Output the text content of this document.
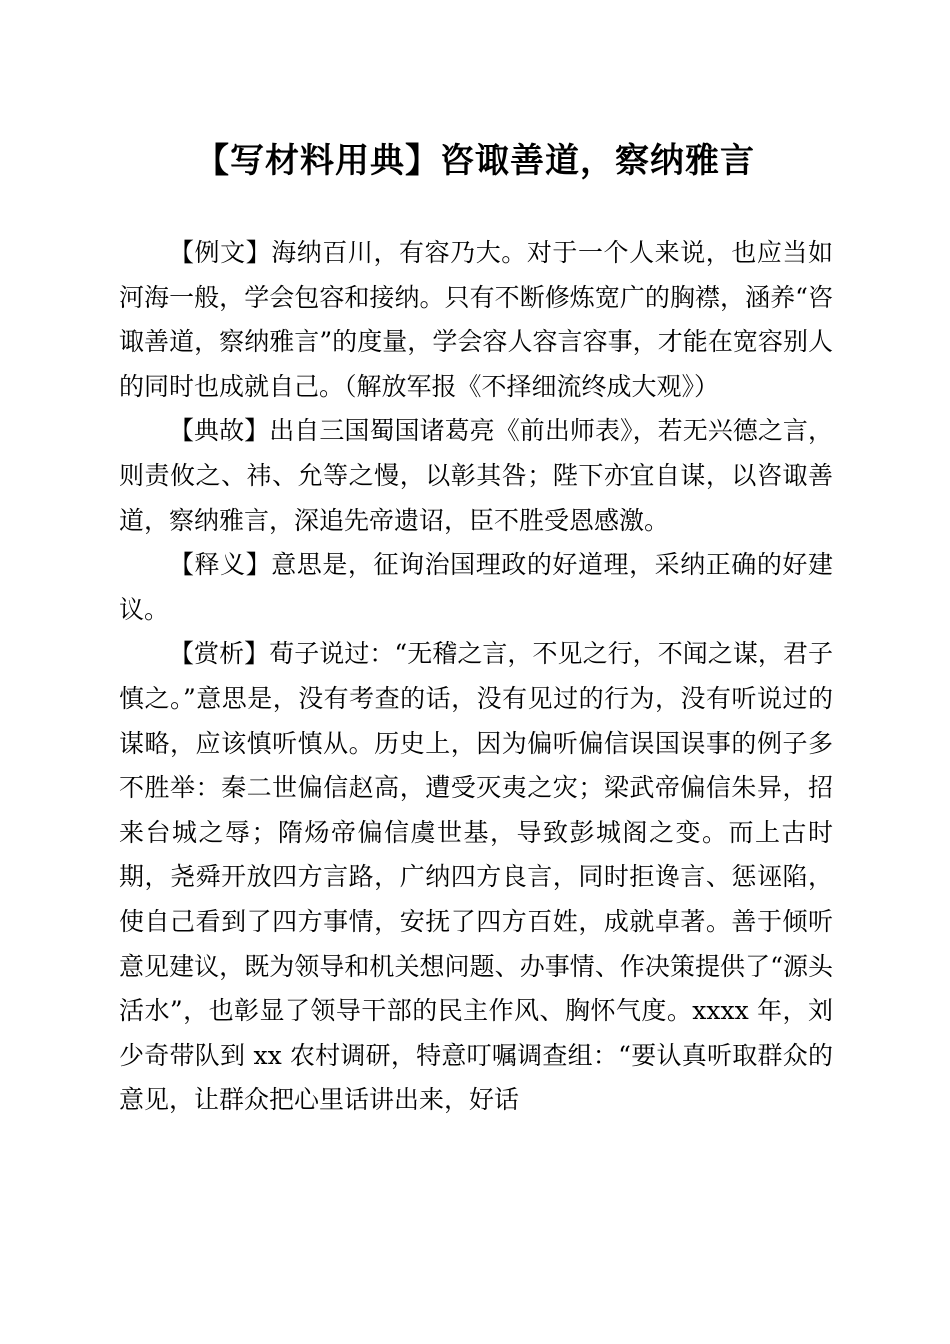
【写材料用典】咨诹善道，察纳雅言

【例文】海纳百川，有容乃大。对于一个人来说，也应当如河海一般，学会包容和接纳。只有不断修炼宽广的胸襟，涵养“咨诹善道，察纳雅言”的度量，学会容人容言容事，才能在宽容别人的同时也成就自己。（解放军报《不择细流终成大观》）

【典故】出自三国蜀国诸葛亮《前出师表》，若无兴德之言，则责攸之、祎、允等之慢，以彰其咎；陛下亦宜自谋，以咨诹善道，察纳雅言，深追先帝遗诏，臣不胜受恩感激。

【释义】意思是，征询治国理政的好道理，采纳正确的好建议。

【赏析】荀子说过：“无稽之言，不见之行，不闻之谋，君子慎之。”意思是，没有考查的话，没有见过的行为，没有听说过的谋略，应该慎听慎从。历史上，因为偏听偏信误国误事的例子多不胜举：秦二世偏信赵高，遭受灭夷之灾；梁武帝偏信朱异，招来台城之辱；隋炀帝偏信虞世基，导致彭城阁之变。而上古时期，尧舜开放四方言路，广纳四方良言，同时拒谗言、惩诬陷，使自己看到了四方事情，安抚了四方百姓，成就卓著。善于倾听意见建议，既为领导和机关想问题、办事情、作决策提供了“源头活水”，也彰显了领导干部的民主作风、胸怀气度。xxxx 年，刘少奇带队到 xx 农村调研，特意叮嘱调查组：“要认真听取群众的意见，让群众把心里话讲出来，好话
